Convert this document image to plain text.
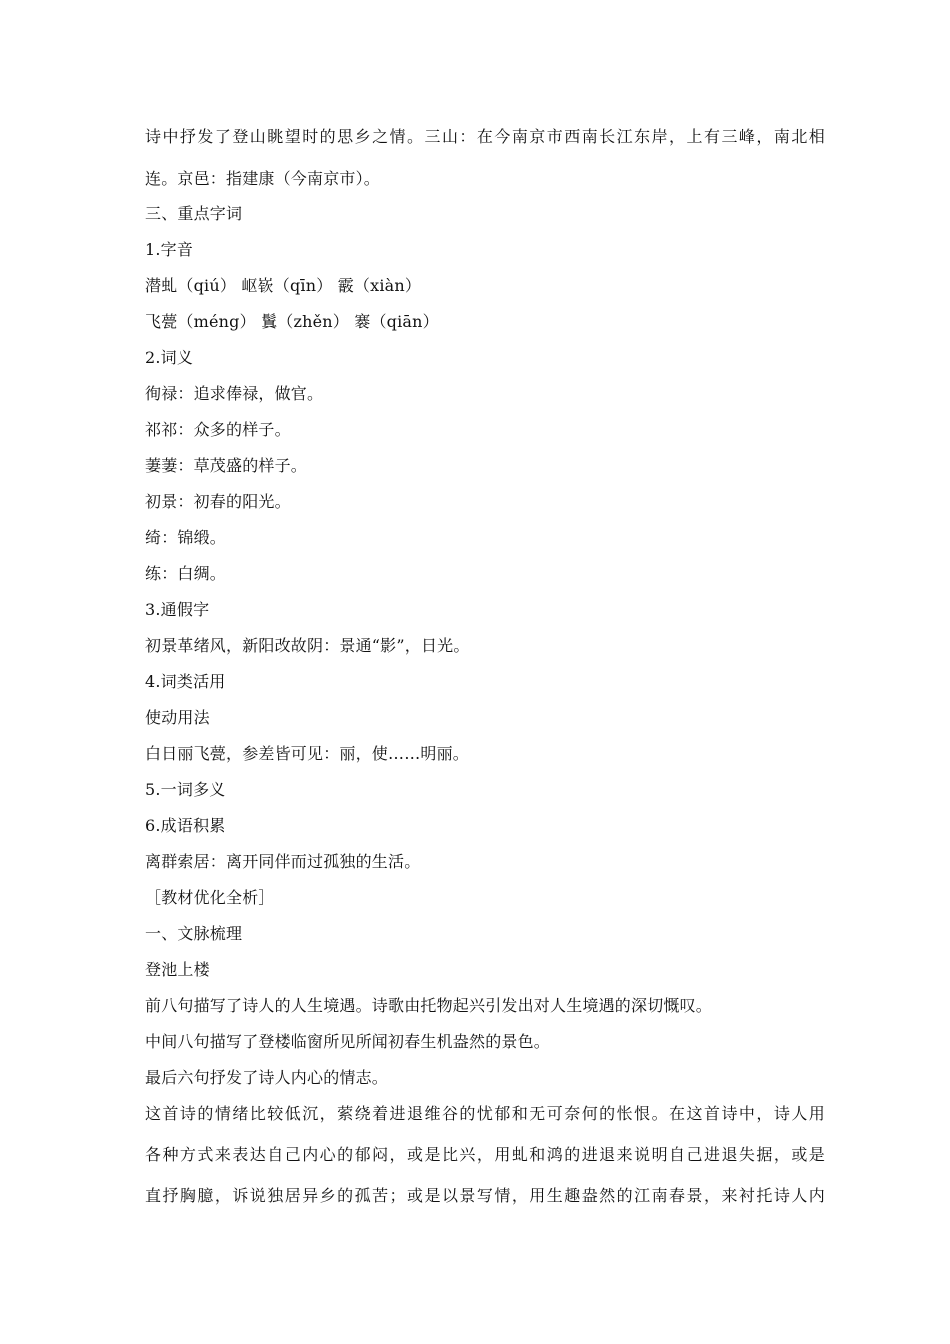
诗中抒发了登山眺望时的思乡之情。三山：在今南京市西南长江东岸，上有三峰，南北相
连。京邑：指建康（今南京市）。
三、重点字词
1.字音
潜虬（qiú） 岖嵚（qīn） 霰（xiàn）
飞甍（méng） 鬒（zhěn） 褰（qiān）
2.词义
徇禄：追求俸禄，做官。
祁祁：众多的样子。
萋萋：草茂盛的样子。
初景：初春的阳光。
绮：锦缎。
练：白绸。
3.通假字
初景革绪风，新阳改故阴：景通“影”，日光。
4.词类活用
使动用法
白日丽飞甍，参差皆可见：丽，使……明丽。
5.一词多义
6.成语积累
离群索居：离开同伴而过孤独的生活。
［教材优化全析］
一、文脉梳理
登池上楼
前八句描写了诗人的人生境遇。诗歌由托物起兴引发出对人生境遇的深切慨叹。
中间八句描写了登楼临窗所见所闻初春生机盎然的景色。
最后六句抒发了诗人内心的情志。
这首诗的情绪比较低沉，萦绕着进退维谷的忧郁和无可奈何的怅恨。在这首诗中，诗人用
各种方式来表达自己内心的郁闷，或是比兴，用虬和鸿的进退来说明自己进退失据，或是
直抒胸臆，诉说独居异乡的孤苦；或是以景写情，用生趣盎然的江南春景，来衬托诗人内
